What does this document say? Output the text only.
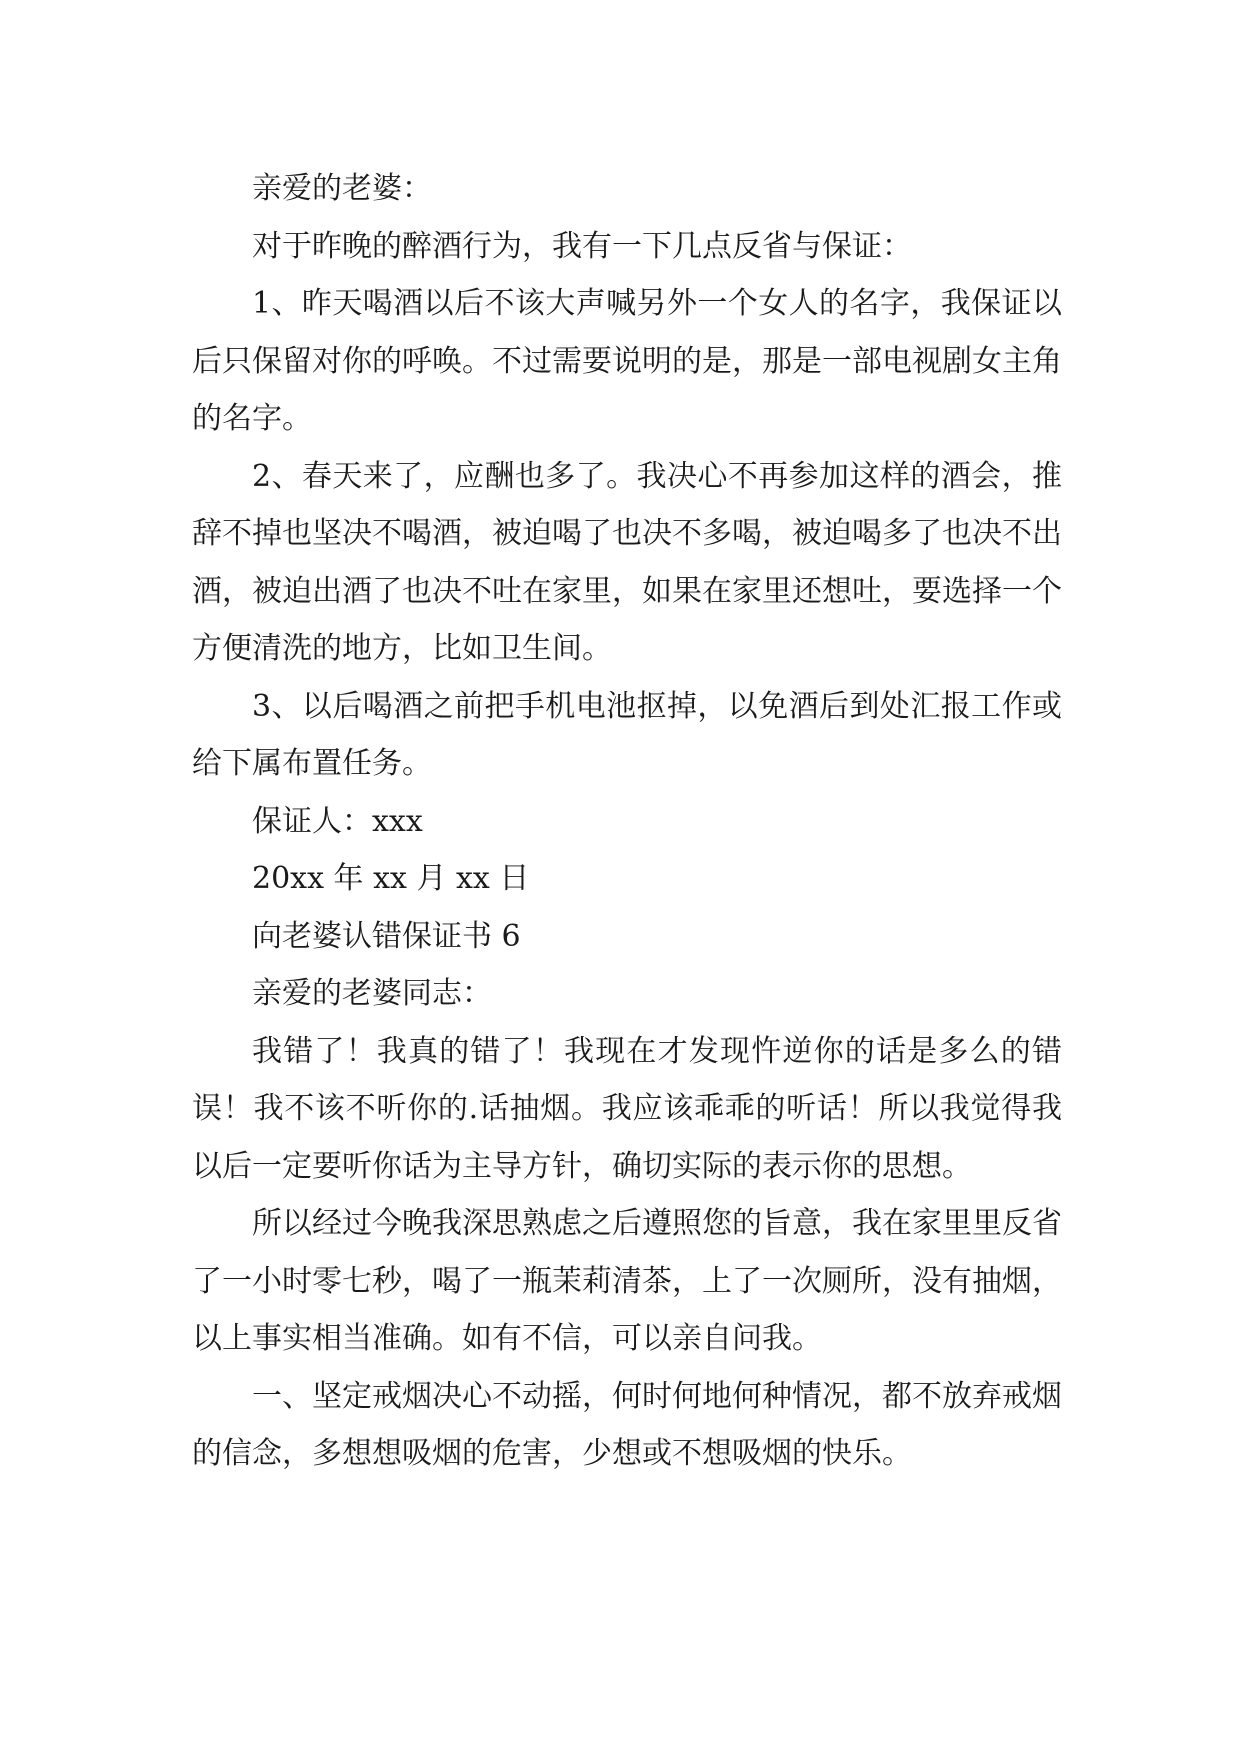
亲爱的老婆：

对于昨晚的醉酒行为，我有一下几点反省与保证：

1、昨天喝酒以后不该大声喊另外一个女人的名字，我保证以后只保留对你的呼唤。不过需要说明的是，那是一部电视剧女主角的名字。

2、春天来了，应酬也多了。我决心不再参加这样的酒会，推辞不掉也坚决不喝酒，被迫喝了也决不多喝，被迫喝多了也决不出酒，被迫出酒了也决不吐在家里，如果在家里还想吐，要选择一个方便清洗的地方，比如卫生间。

3、以后喝酒之前把手机电池抠掉，以免酒后到处汇报工作或给下属布置任务。

保证人：xxx

20xx 年 xx 月 xx 日

向老婆认错保证书 6

亲爱的老婆同志：

我错了！我真的错了！我现在才发现忤逆你的话是多么的错误！我不该不听你的.话抽烟。我应该乖乖的听话！所以我觉得我以后一定要听你话为主导方针，确切实际的表示你的思想。

所以经过今晚我深思熟虑之后遵照您的旨意，我在家里里反省了一小时零七秒，喝了一瓶茉莉清茶，上了一次厕所，没有抽烟，以上事实相当准确。如有不信，可以亲自问我。

一、坚定戒烟决心不动摇，何时何地何种情况，都不放弃戒烟的信念，多想想吸烟的危害，少想或不想吸烟的快乐。
